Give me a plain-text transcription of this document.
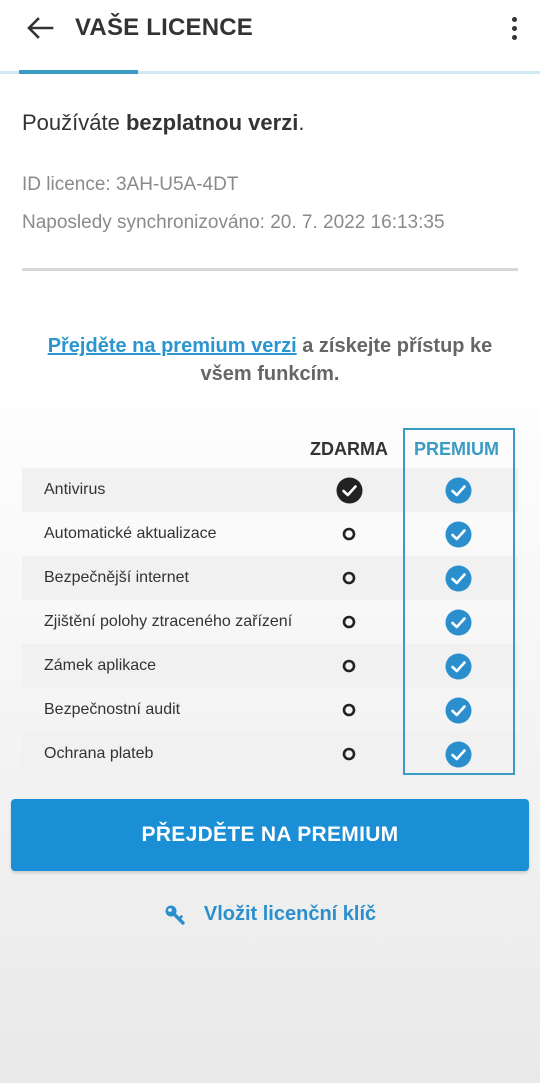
VAŠE LICENCE
Používáte bezplatnou verzi.
ID licence: 3AH-U5A-4DT
Naposledy synchronizováno: 20. 7. 2022 16:13:35
Přejděte na premium verzi a získejte přístup ke všem funkcím.
ZDARMA PREMIUM
Antivirus
Automatické aktualizace
Bezpečnější internet
Zjištění polohy ztraceného zařízení
Zámek aplikace
Bezpečnostní audit
Ochrana plateb
PŘEJDĚTE NA PREMIUM
Vložit licenční klíč
